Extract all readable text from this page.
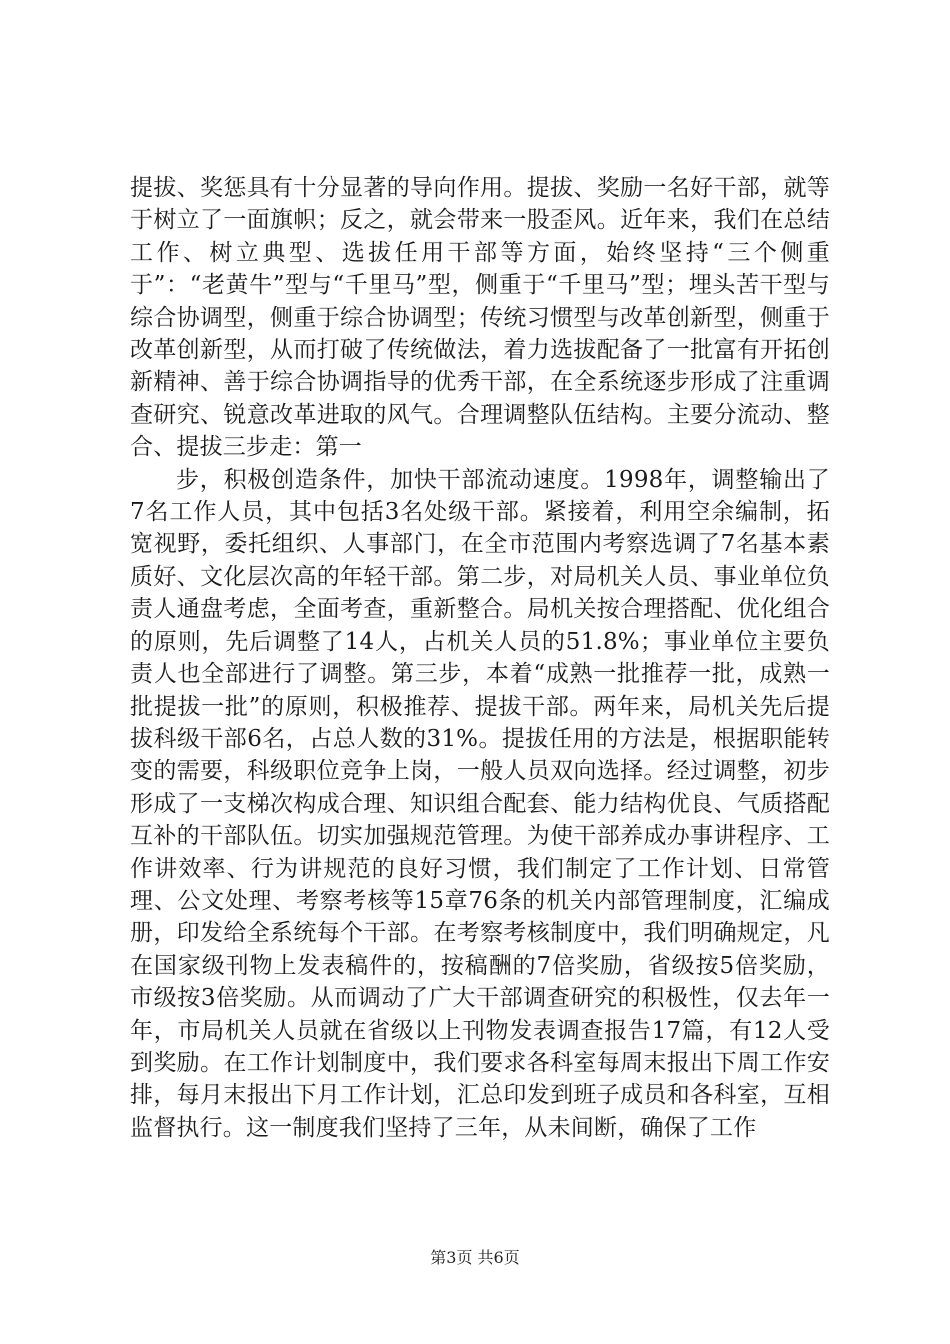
提拔、奖惩具有十分显著的导向作用。提拔、奖励一名好干部，就等于树立了一面旗帜；反之，就会带来一股歪风。近年来，我们在总结工作、树立典型、选拔任用干部等方面，始终坚持“三个侧重于”：“老黄牛”型与“千里马”型，侧重于“千里马”型；埋头苦干型与综合协调型，侧重于综合协调型；传统习惯型与改革创新型，侧重于改革创新型，从而打破了传统做法，着力选拔配备了一批富有开拓创新精神、善于综合协调指导的优秀干部，在全系统逐步形成了注重调查研究、锐意改革进取的风气。合理调整队伍结构。主要分流动、整合、提拔三步走：第一

步，积极创造条件，加快干部流动速度。1998年，调整输出了7名工作人员，其中包括3名处级干部。紧接着，利用空余编制，拓宽视野，委托组织、人事部门，在全市范围内考察选调了7名基本素质好、文化层次高的年轻干部。第二步，对局机关人员、事业单位负责人通盘考虑，全面考查，重新整合。局机关按合理搭配、优化组合的原则，先后调整了14人，占机关人员的51.8%；事业单位主要负责人也全部进行了调整。第三步，本着“成熟一批推荐一批，成熟一批提拔一批”的原则，积极推荐、提拔干部。两年来，局机关先后提拔科级干部6名，占总人数的31%。提拔任用的方法是，根据职能转变的需要，科级职位竞争上岗，一般人员双向选择。经过调整，初步形成了一支梯次构成合理、知识组合配套、能力结构优良、气质搭配互补的干部队伍。切实加强规范管理。为使干部养成办事讲程序、工作讲效率、行为讲规范的良好习惯，我们制定了工作计划、日常管理、公文处理、考察考核等15章76条的机关内部管理制度，汇编成册，印发给全系统每个干部。在考察考核制度中，我们明确规定，凡在国家级刊物上发表稿件的，按稿酬的7倍奖励，省级按5倍奖励，市级按3倍奖励。从而调动了广大干部调查研究的积极性，仅去年一年，市局机关人员就在省级以上刊物发表调查报告17篇，有12人受到奖励。在工作计划制度中，我们要求各科室每周末报出下周工作安排，每月末报出下月工作计划，汇总印发到班子成员和各科室，互相监督执行。这一制度我们坚持了三年，从未间断，确保了工作

第3页 共6页
